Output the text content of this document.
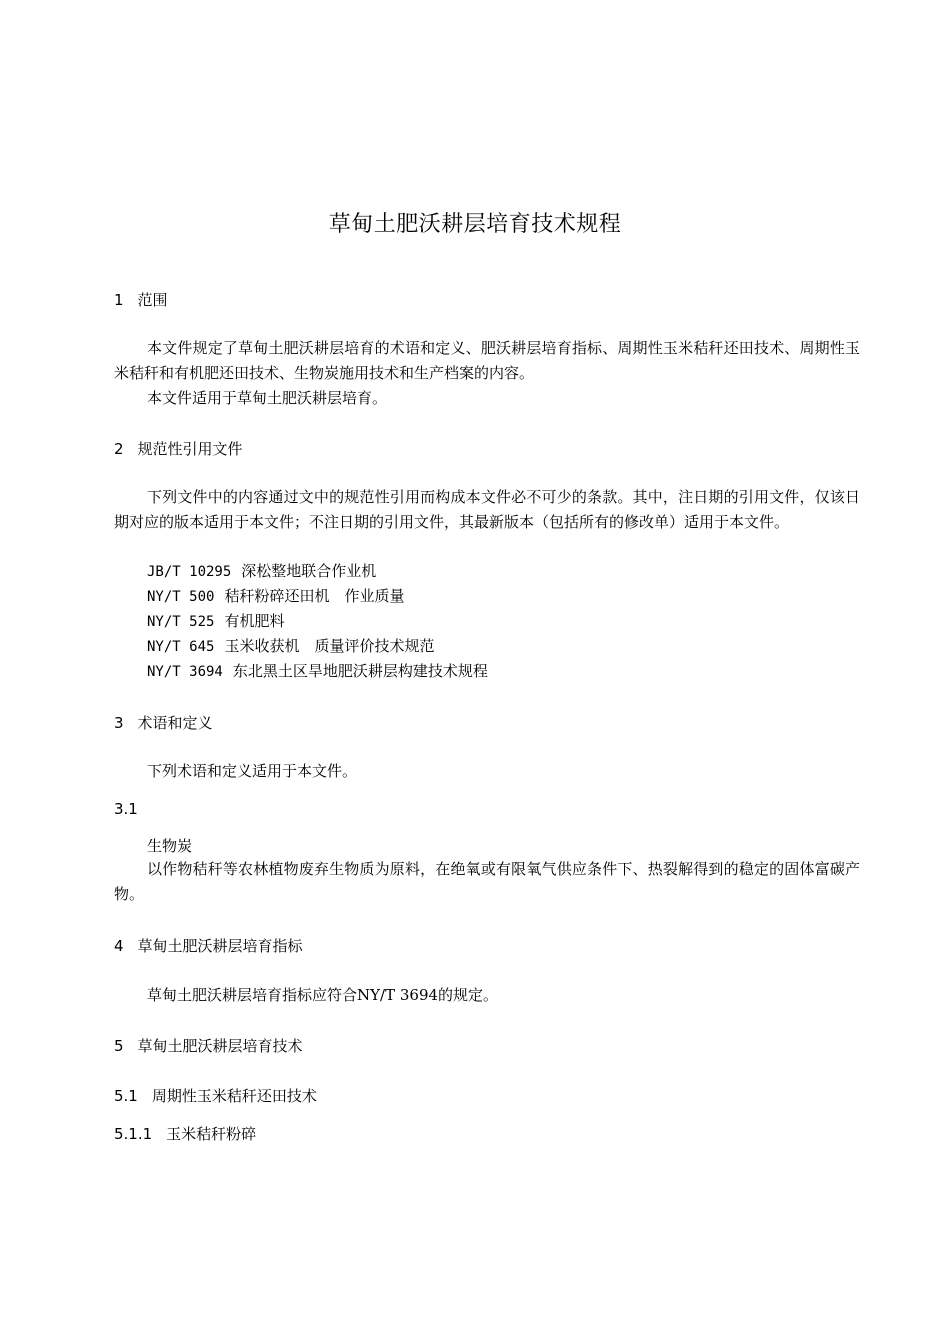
草甸土肥沃耕层培育技术规程
1 范围
本文件规定了草甸土肥沃耕层培育的术语和定义、肥沃耕层培育指标、周期性玉米秸秆还田技术、周期性玉米秸秆和有机肥还田技术、生物炭施用技术和生产档案的内容。
本文件适用于草甸土肥沃耕层培育。
2 规范性引用文件
下列文件中的内容通过文中的规范性引用而构成本文件必不可少的条款。其中，注日期的引用文件，仅该日期对应的版本适用于本文件；不注日期的引用文件，其最新版本（包括所有的修改单）适用于本文件。
JB/T 10295 深松整地联合作业机
NY/T 500 秸秆粉碎还田机　作业质量
NY/T 525 有机肥料
NY/T 645 玉米收获机　质量评价技术规范
NY/T 3694 东北黑土区旱地肥沃耕层构建技术规程
3 术语和定义
下列术语和定义适用于本文件。
3.1
生物炭
以作物秸秆等农林植物废弃生物质为原料，在绝氧或有限氧气供应条件下、热裂解得到的稳定的固体富碳产物。
4 草甸土肥沃耕层培育指标
草甸土肥沃耕层培育指标应符合NY/T 3694的规定。
5 草甸土肥沃耕层培育技术
5.1 周期性玉米秸秆还田技术
5.1.1 玉米秸秆粉碎
